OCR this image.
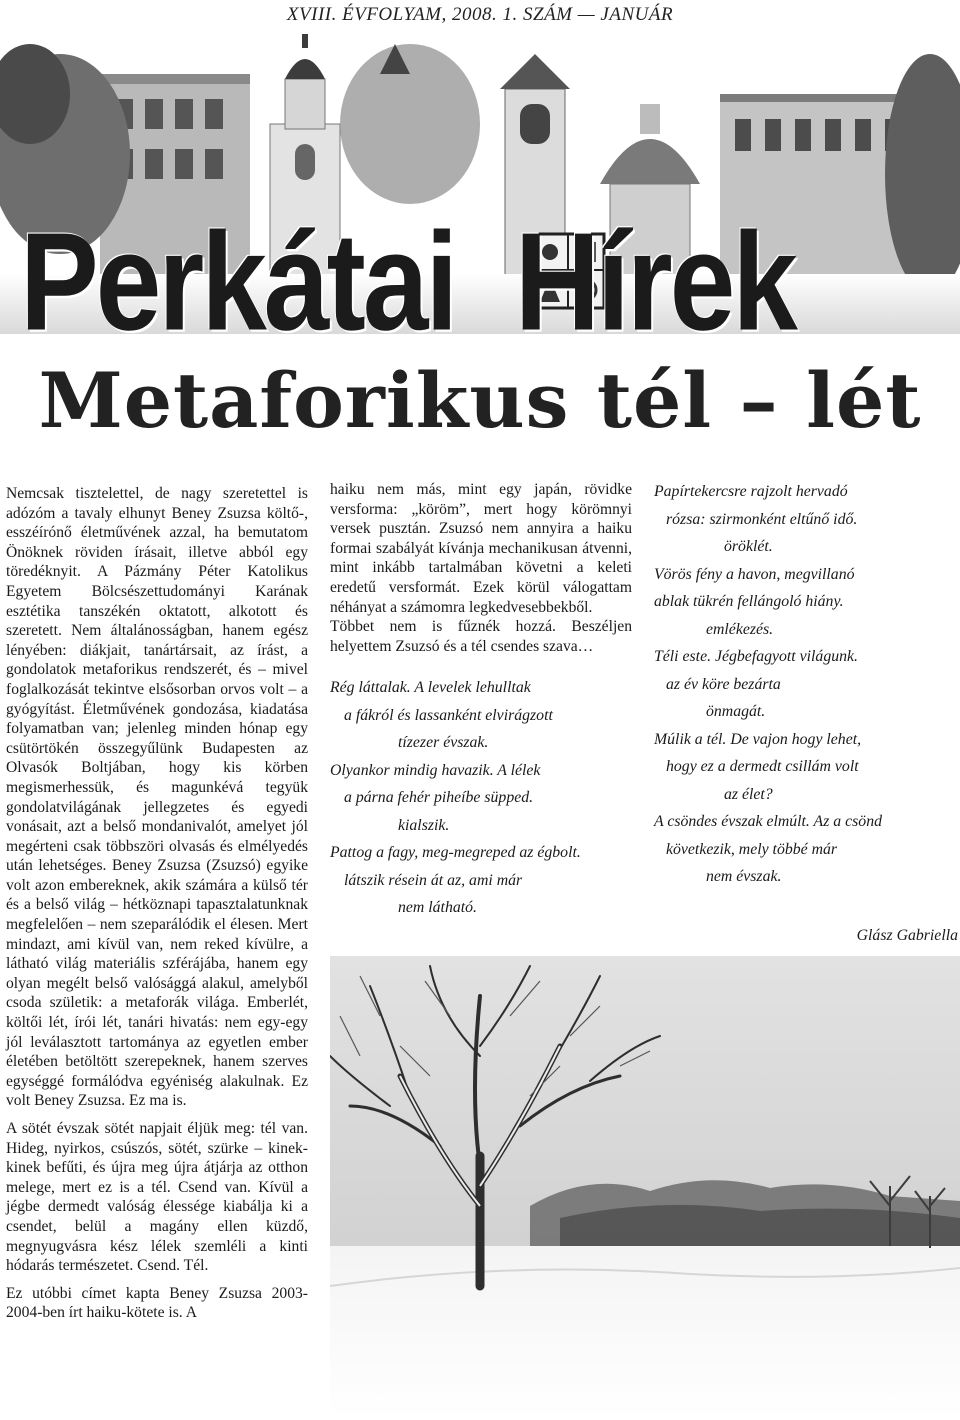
XVIII. ÉVFOLYAM, 2008. 1. SZÁM — JANUÁR
Perkátai  Hírek
Metaforikus tél – lét

Nemcsak tisztelettel, de nagy szeretettel is adózóm a tavaly elhunyt Beney Zsuzsa költő-, esszéírónő életművének azzal, ha bemutatom Önöknek röviden írásait, illetve abból egy töredéknyit. A Pázmány Péter Katolikus Egyetem Bölcsészettudományi Karának esztétika tanszékén oktatott, alkotott és szeretett. Nem általánosságban, hanem egész lényében: diákjait, tanártársait, az írást, a gondolatok metaforikus rendszerét, és – mivel foglalkozását tekintve elsősorban orvos volt – a gyógyítást. Életművének gondozása, kiadatása folyamatban van; jelenleg minden hónap egy csütörtökén összegyűlünk Budapesten az Olvasók Boltjában, hogy kis körben megismerhessük, és magunkévá tegyük gondolatvilágának jellegzetes és egyedi vonásait, azt a belső mondanivalót, amelyet jól megérteni csak többszöri olvasás és elmélyedés után lehetséges. Beney Zsuzsa (Zsuzsó) egyike volt azon embereknek, akik számára a külső tér és a belső világ – hétköznapi tapasztalatunknak megfelelően – nem szeparálódik el élesen. Mert mindazt, ami kívül van, nem reked kívülre, a látható világ materiális szférájába, hanem egy olyan megélt belső valósággá alakul, amelyből csoda születik: a metaforák világa. Emberlét, költői lét, írói lét, tanári hivatás: nem egy-egy jól leválasztott tartományа az egyetlen ember életében betöltött szerepeknek, hanem szerves egységgé formálódva egyéniség alakulnak. Ez volt Beney Zsuzsa. Ez ma is.

A sötét évszak sötét napjait éljük meg: tél van. Hideg, nyirkos, csúszós, sötét, szürke – kinek-kinek befűti, és újra meg újra átjárja az otthon melege, mert ez is a tél. Csend van. Kívül a jégbe dermedt valóság élessége kiabálja ki a csendet, belül a magány ellen küzdő, megnyugvásra kész lélek szemléli a kinti hódarás természetet. Csend. Tél.

Ez utóbbi címet kapta Beney Zsuzsa 2003-2004-ben írt haiku-kötete is. A

haiku nem más, mint egy japán, rövidke versforma: „köröm”, mert hogy körömnyi versek pusztán. Zsuzsó nem annyira a haiku formai szabályát kívánja mechanikusan átvenni, mint inkább tartalmában követni a keleti eredetű versformát. Ezek körül válogattam néhányat a számomra legkedvesebbekből.

Többet nem is fűznék hozzá. Beszéljen helyettem Zsuzsó és a tél csendes szava…

Rég láttalak. A levelek lehulltak
a fákról és lassanként elvirágzott
tízezer évszak.
Olyankor mindig havazik. A lélek
a párna fehér piheíbe süpped.
kialszik.
Pattog a fagy, meg-megreped az égbolt.
látszik résein át az, ami már
nem látható.
Papírtekercsre rajzolt hervadó
rózsa: szirmonként eltűnő idő.
öröklét.
Vörös fény a havon, megvillanó
ablak tükrén fellángoló hiány.
emlékezés.
Téli este. Jégbefagyott világunk.
az év köre bezárta
önmagát.
Múlik a tél. De vajon hogy lehet,
hogy ez a dermedt csillám volt
az élet?
A csöndes évszak elmúlt. Az a csönd
következik, mely többé már
nem évszak.
Glász Gabriella
